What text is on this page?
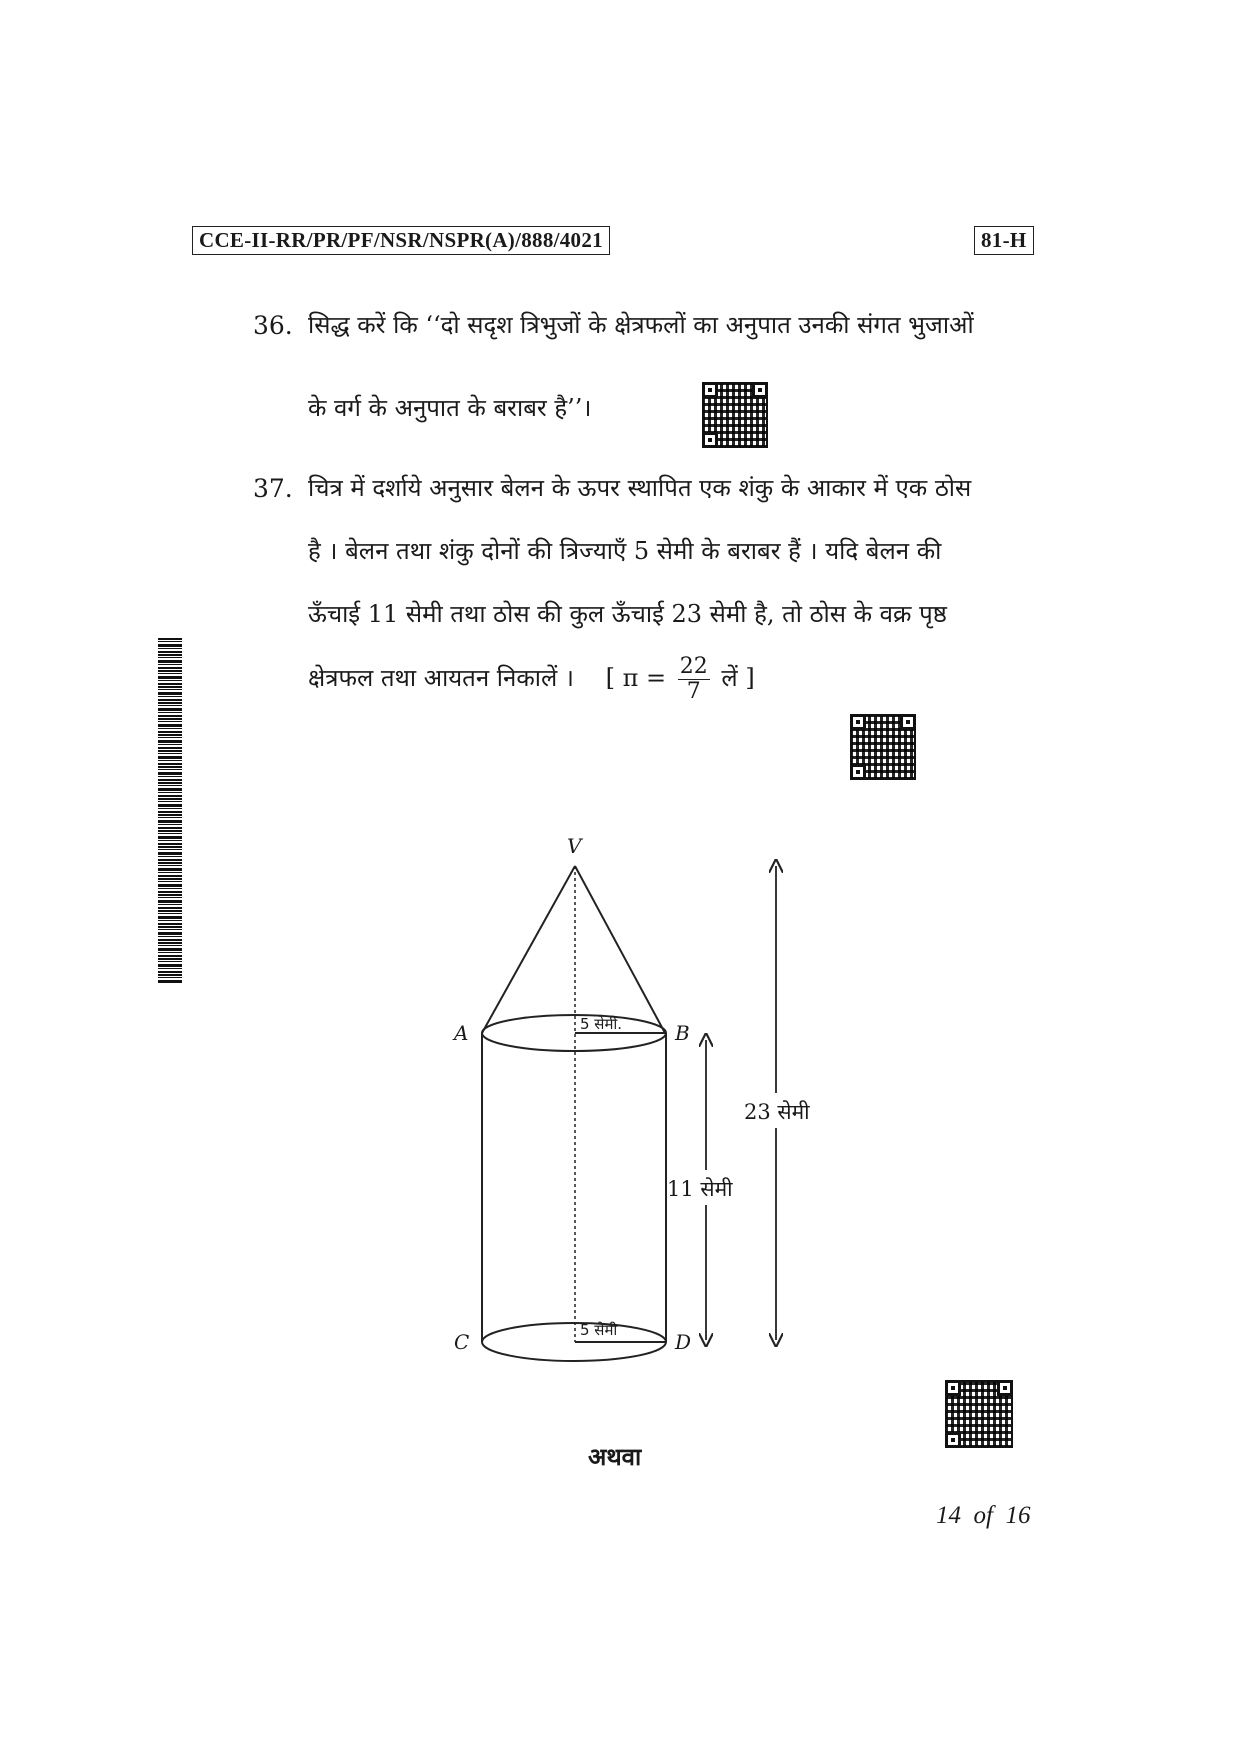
CCE-II-RR/PR/PF/NSR/NSPR(A)/888/4021	81-H
36. सिद्ध करें कि ‘‘दो सदृश त्रिभुजों के क्षेत्रफलों का अनुपात उनकी संगत भुजाओं
के वर्ग के अनुपात के बराबर है’’।
37. चित्र में दर्शाये अनुसार बेलन के ऊपर स्थापित एक शंकु के आकार में एक ठोस
है । बेलन तथा शंकु दोनों की त्रिज्याएँ 5 सेमी के बराबर हैं । यदि बेलन की
ऊँचाई 11 सेमी तथा ठोस की कुल ऊँचाई 23 सेमी है, तो ठोस के वक्र पृष्ठ
क्षेत्रफल तथा आयतन निकालें । [ $\pi = \frac{22}{7}$ लें ]
V
A	B
C	D
5 सेमी.
5 सेमी
11 सेमी
23 सेमी
अथवा
14  of  16
